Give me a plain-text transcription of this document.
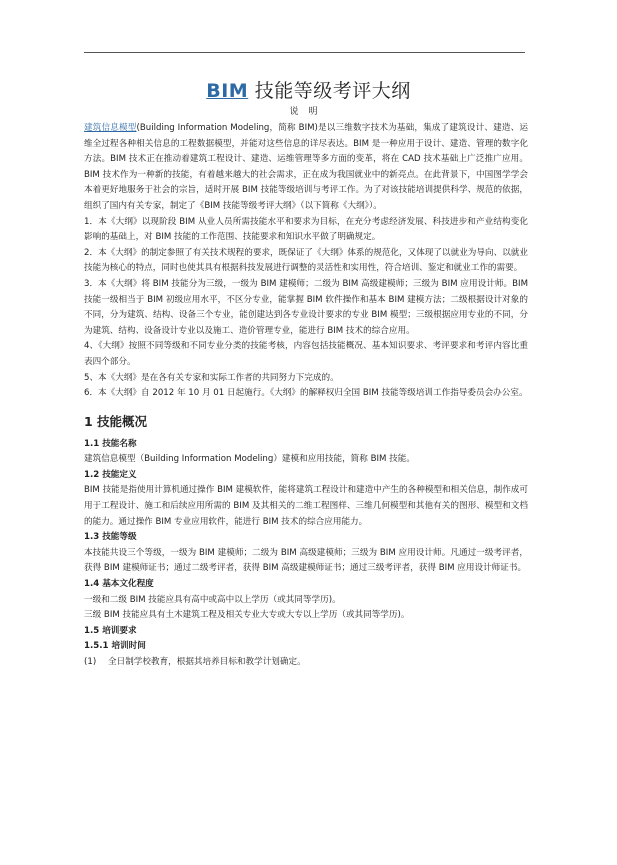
BIM 技能等级考评大纲
说明

建筑信息模型(Building Information Modeling，简称 BIM)是以三维数字技术为基础，集成了建筑设计、建造、运维全过程各种相关信息的工程数据模型，并能对这些信息的详尽表达。BIM 是一种应用于设计、建造、管理的数字化方法。BIM 技术正在推动着建筑工程设计、建造、运维管理等多方面的变革，将在 CAD 技术基础上广泛推广应用。BIM 技术作为一种新的技能，有着越来越大的社会需求，正在成为我国就业中的新亮点。在此背景下，中国图学学会本着更好地服务于社会的宗旨，适时开展 BIM 技能等级培训与考评工作。为了对该技能培训提供科学、规范的依据，组织了国内有关专家，制定了《BIM 技能等级考评大纲》（以下简称《大纲》）。

1．本《大纲》以现阶段 BIM 从业人员所需技能水平和要求为目标，在充分考虑经济发展、科技进步和产业结构变化影响的基础上，对 BIM 技能的工作范围、技能要求和知识水平做了明确规定。

2．本《大纲》的制定参照了有关技术规程的要求，既保证了《大纲》体系的规范化，又体现了以就业为导向、以就业技能为核心的特点，同时也使其具有根据科技发展进行调整的灵活性和实用性，符合培训、鉴定和就业工作的需要。

3．本《大纲》将 BIM 技能分为三级，一级为 BIM 建模师；二级为 BIM 高级建模师；三级为 BIM 应用设计师。BIM 技能一级相当于 BIM 初级应用水平，不区分专业，能掌握 BIM 软件操作和基本 BIM 建模方法；二级根据设计对象的不同，分为建筑、结构、设备三个专业，能创建达到各专业设计要求的专业 BIM 模型；三级根据应用专业的不同，分为建筑、结构、设备设计专业以及施工、造价管理专业，能进行 BIM 技术的综合应用。

4、《大纲》按照不同等级和不同专业分类的技能考核，内容包括技能概况、基本知识要求、考评要求和考评内容比重表四个部分。

5、本《大纲》是在各有关专家和实际工作者的共同努力下完成的。

6．本《大纲》自 2012 年 10 月 01 日起施行。《大纲》的解释权归全国 BIM 技能等级培训工作指导委员会办公室。

1 技能概况

1.1 技能名称

建筑信息模型（Building Information Modeling）建模和应用技能，简称 BIM 技能。

1.2 技能定义

BIM 技能是指使用计算机通过操作 BIM 建模软件，能将建筑工程设计和建造中产生的各种模型和相关信息，制作成可用于工程设计、施工和后续应用所需的 BIM 及其相关的二维工程图样、三维几何模型和其他有关的图形、模型和文档的能力。通过操作 BIM 专业应用软件，能进行 BIM 技术的综合应用能力。

1.3 技能等级

本技能共设三个等级，一级为 BIM 建模师；二级为 BIM 高级建模师；三级为 BIM 应用设计师。凡通过一级考评者，获得 BIM 建模师证书；通过二级考评者，获得 BIM 高级建模师证书；通过三级考评者，获得 BIM 应用设计师证书。

1.4 基本文化程度

一级和二级 BIM 技能应具有高中或高中以上学历（或其同等学历)。

三级 BIM 技能应具有土木建筑工程及相关专业大专或大专以上学历（或其同等学历)。

1.5 培训要求

1.5.1 培训时间

(1)	全日制学校教育，根据其培养目标和教学计划确定。
